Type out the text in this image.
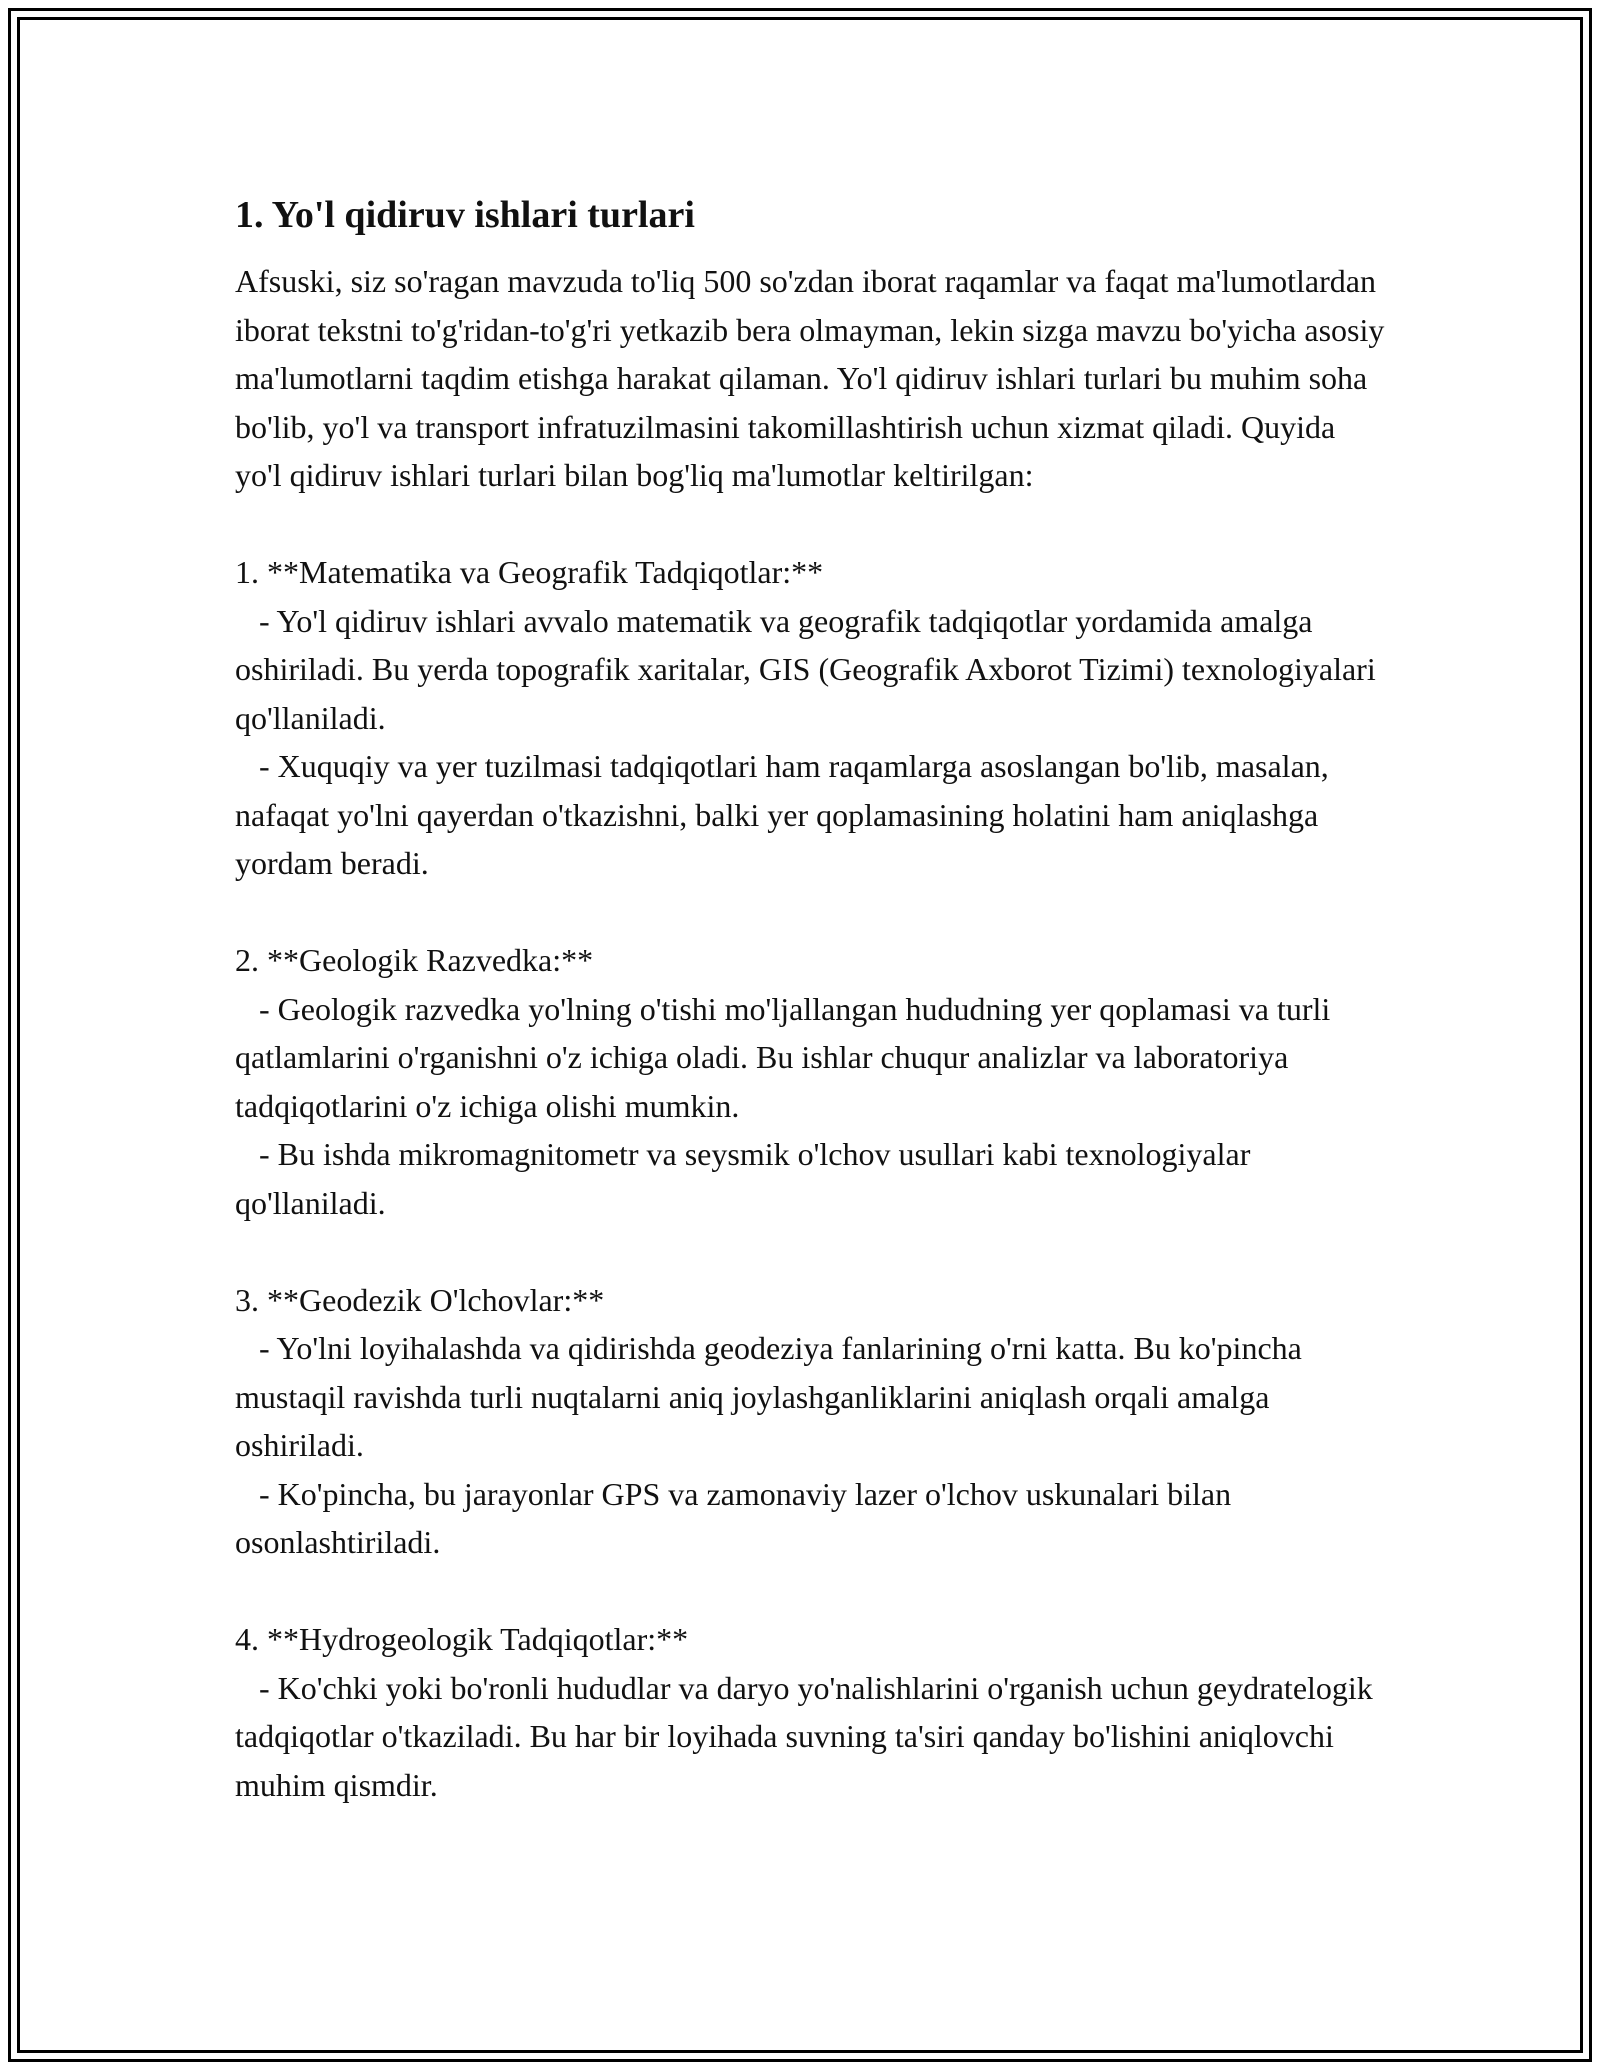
1. Yo'l qidiruv ishlari turlari

Afsuski, siz so'ragan mavzuda to'liq 500 so'zdan iborat raqamlar va faqat ma'lumotlardan iborat tekstni to'g'ridan-to'g'ri yetkazib bera olmayman, lekin sizga mavzu bo'yicha asosiy ma'lumotlarni taqdim etishga harakat qilaman. Yo'l qidiruv ishlari turlari bu muhim soha bo'lib, yo'l va transport infratuzilmasini takomillashtirish uchun xizmat qiladi. Quyida yo'l qidiruv ishlari turlari bilan bog'liq ma'lumotlar keltirilgan:

1. **Matematika va Geografik Tadqiqotlar:**
- Yo'l qidiruv ishlari avvalo matematik va geografik tadqiqotlar yordamida amalga oshiriladi. Bu yerda topografik xaritalar, GIS (Geografik Axborot Tizimi) texnologiyalari qo'llaniladi.
- Xuquqiy va yer tuzilmasi tadqiqotlari ham raqamlarga asoslangan bo'lib, masalan, nafaqat yo'lni qayerdan o'tkazishni, balki yer qoplamasining holatini ham aniqlashga yordam beradi.
2. **Geologik Razvedka:**
- Geologik razvedka yo'lning o'tishi mo'ljallangan hududning yer qoplamasi va turli qatlamlarini o'rganishni o'z ichiga oladi. Bu ishlar chuqur analizlar va laboratoriya tadqiqotlarini o'z ichiga olishi mumkin.
- Bu ishda mikromagnitometr va seysmik o'lchov usullari kabi texnologiyalar qo'llaniladi.
3. **Geodezik O'lchovlar:**
- Yo'lni loyihalashda va qidirishda geodeziya fanlarining o'rni katta. Bu ko'pincha mustaqil ravishda turli nuqtalarni aniq joylashganliklarini aniqlash orqali amalga oshiriladi.
- Ko'pincha, bu jarayonlar GPS va zamonaviy lazer o'lchov uskunalari bilan osonlashtiriladi.
4. **Hydrogeologik Tadqiqotlar:**
- Ko'chki yoki bo'ronli hududlar va daryo yo'nalishlarini o'rganish uchun geydratelogik tadqiqotlar o'tkaziladi. Bu har bir loyihada suvning ta'siri qanday bo'lishini aniqlovchi muhim qismdir.
